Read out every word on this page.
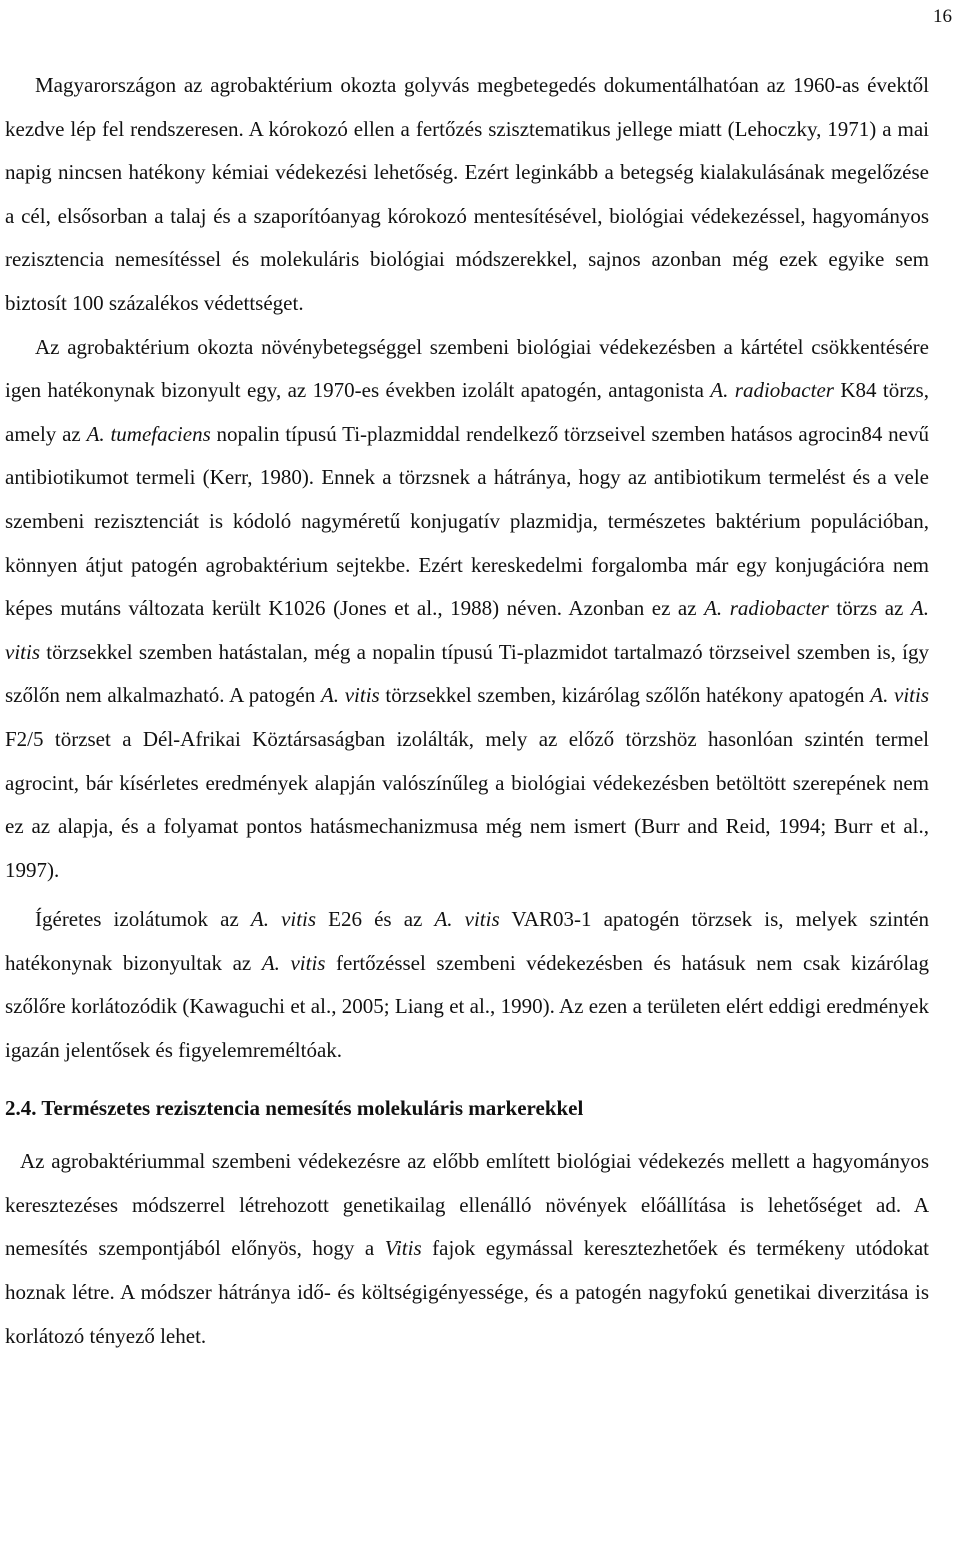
16

Magyarországon az agrobaktérium okozta golyvás megbetegedés dokumentálhatóan az 1960-as évektől kezdve lép fel rendszeresen. A kórokozó ellen a fertőzés szisztematikus jellege miatt (Lehoczky, 1971) a mai napig nincsen hatékony kémiai védekezési lehetőség. Ezért leginkább a betegség kialakulásának megelőzése a cél, elsősorban a talaj és a szaporítóanyag kórokozó mentesítésével, biológiai védekezéssel, hagyományos rezisztencia nemesítéssel és molekuláris biológiai módszerekkel, sajnos azonban még ezek egyike sem biztosít 100 százalékos védettséget.

Az agrobaktérium okozta növénybetegséggel szembeni biológiai védekezésben a kártétel csökkentésére igen hatékonynak bizonyult egy, az 1970-es években izolált apatogén, antagonista A. radiobacter K84 törzs, amely az A. tumefaciens nopalin típusú Ti-plazmiddal rendelkező törzseivel szemben hatásos agrocin84 nevű antibiotikumot termeli (Kerr, 1980). Ennek a törzsnek a hátránya, hogy az antibiotikum termelést és a vele szembeni rezisztenciát is kódoló nagyméretű konjugatív plazmidja, természetes baktérium populációban, könnyen átjut patogén agrobaktérium sejtekbe. Ezért kereskedelmi forgalomba már egy konjugációra nem képes mutáns változata került K1026 (Jones et al., 1988) néven. Azonban ez az A. radiobacter törzs az A. vitis törzsekkel szemben hatástalan, még a nopalin típusú Ti-plazmidot tartalmazó törzseivel szemben is, így szőlőn nem alkalmazható. A patogén A. vitis törzsekkel szemben, kizárólag szőlőn hatékony apatogén A. vitis F2/5 törzset a Dél-Afrikai Köztársaságban izolálták, mely az előző törzshöz hasonlóan szintén termel agrocint, bár kísérletes eredmények alapján valószínűleg a biológiai védekezésben betöltött szerepének nem ez az alapja, és a folyamat pontos hatásmechanizmusa még nem ismert (Burr and Reid, 1994; Burr et al., 1997).

Ígéretes izolátumok az A. vitis E26 és az A. vitis VAR03-1 apatogén törzsek is, melyek szintén hatékonynak bizonyultak az A. vitis fertőzéssel szembeni védekezésben és hatásuk nem csak kizárólag szőlőre korlátozódik (Kawaguchi et al., 2005; Liang et al., 1990). Az ezen a területen elért eddigi eredmények igazán jelentősek és figyelemreméltóak.

2.4. Természetes rezisztencia nemesítés molekuláris markerekkel

Az agrobaktériummal szembeni védekezésre az előbb említett biológiai védekezés mellett a hagyományos keresztezéses módszerrel létrehozott genetikailag ellenálló növények előállítása is lehetőséget ad. A nemesítés szempontjából előnyös, hogy a Vitis fajok egymással keresztezhetőek és termékeny utódokat hoznak létre. A módszer hátránya idő- és költségigényessége, és a patogén nagyfokú genetikai diverzitása is korlátozó tényező lehet.
